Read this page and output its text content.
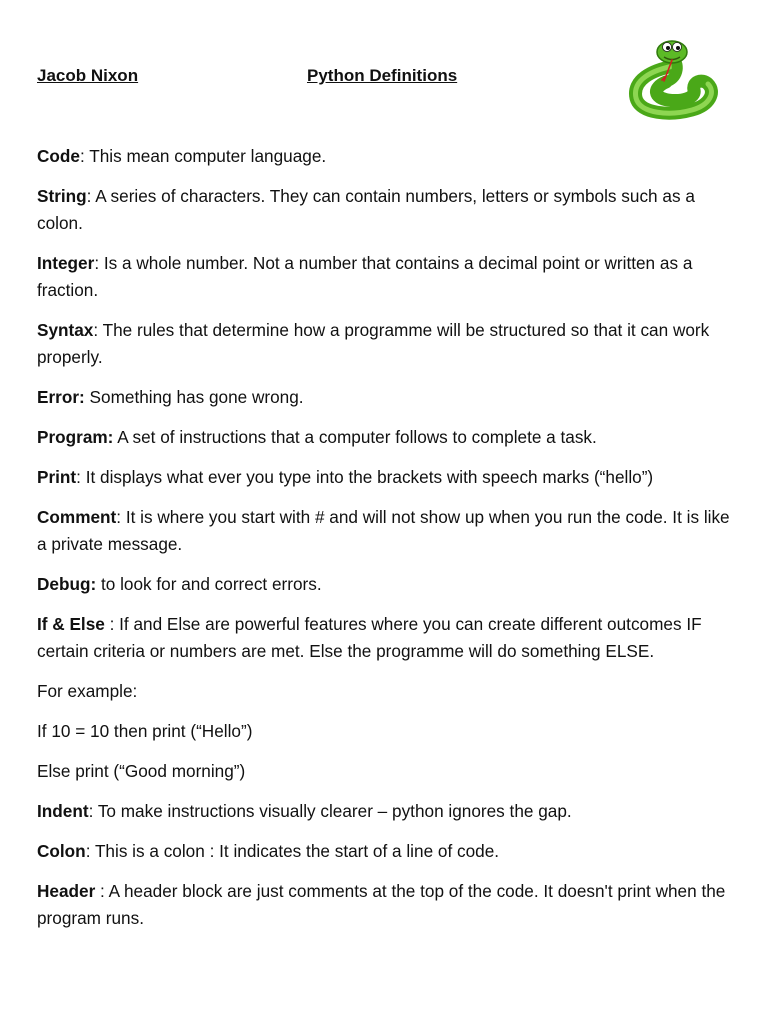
Jacob Nixon	Python Definitions

Code: This mean computer language.

String: A series of characters. They can contain numbers, letters or symbols such as a colon.

Integer: Is a whole number. Not a number that contains a decimal point or written as a fraction.

Syntax: The rules that determine how a programme will be structured so that it can work properly.

Error: Something has gone wrong.

Program: A set of instructions that a computer follows to complete a task.

Print: It displays what ever you type into the brackets with speech marks (“hello”)

Comment: It is where you start with # and will not show up when you run the code. It is like a private message.

Debug: to look for and correct errors.

If & Else : If and Else are powerful features where you can create different outcomes IF certain criteria or numbers are met. Else the programme will do something ELSE.

For example:

If 10 = 10 then print (“Hello”)

Else print (“Good morning”)

Indent: To make instructions visually clearer – python ignores the gap.

Colon: This is a colon : It indicates the start of a line of code.

Header : A header block are just comments at the top of the code. It doesn't print when the program runs.
